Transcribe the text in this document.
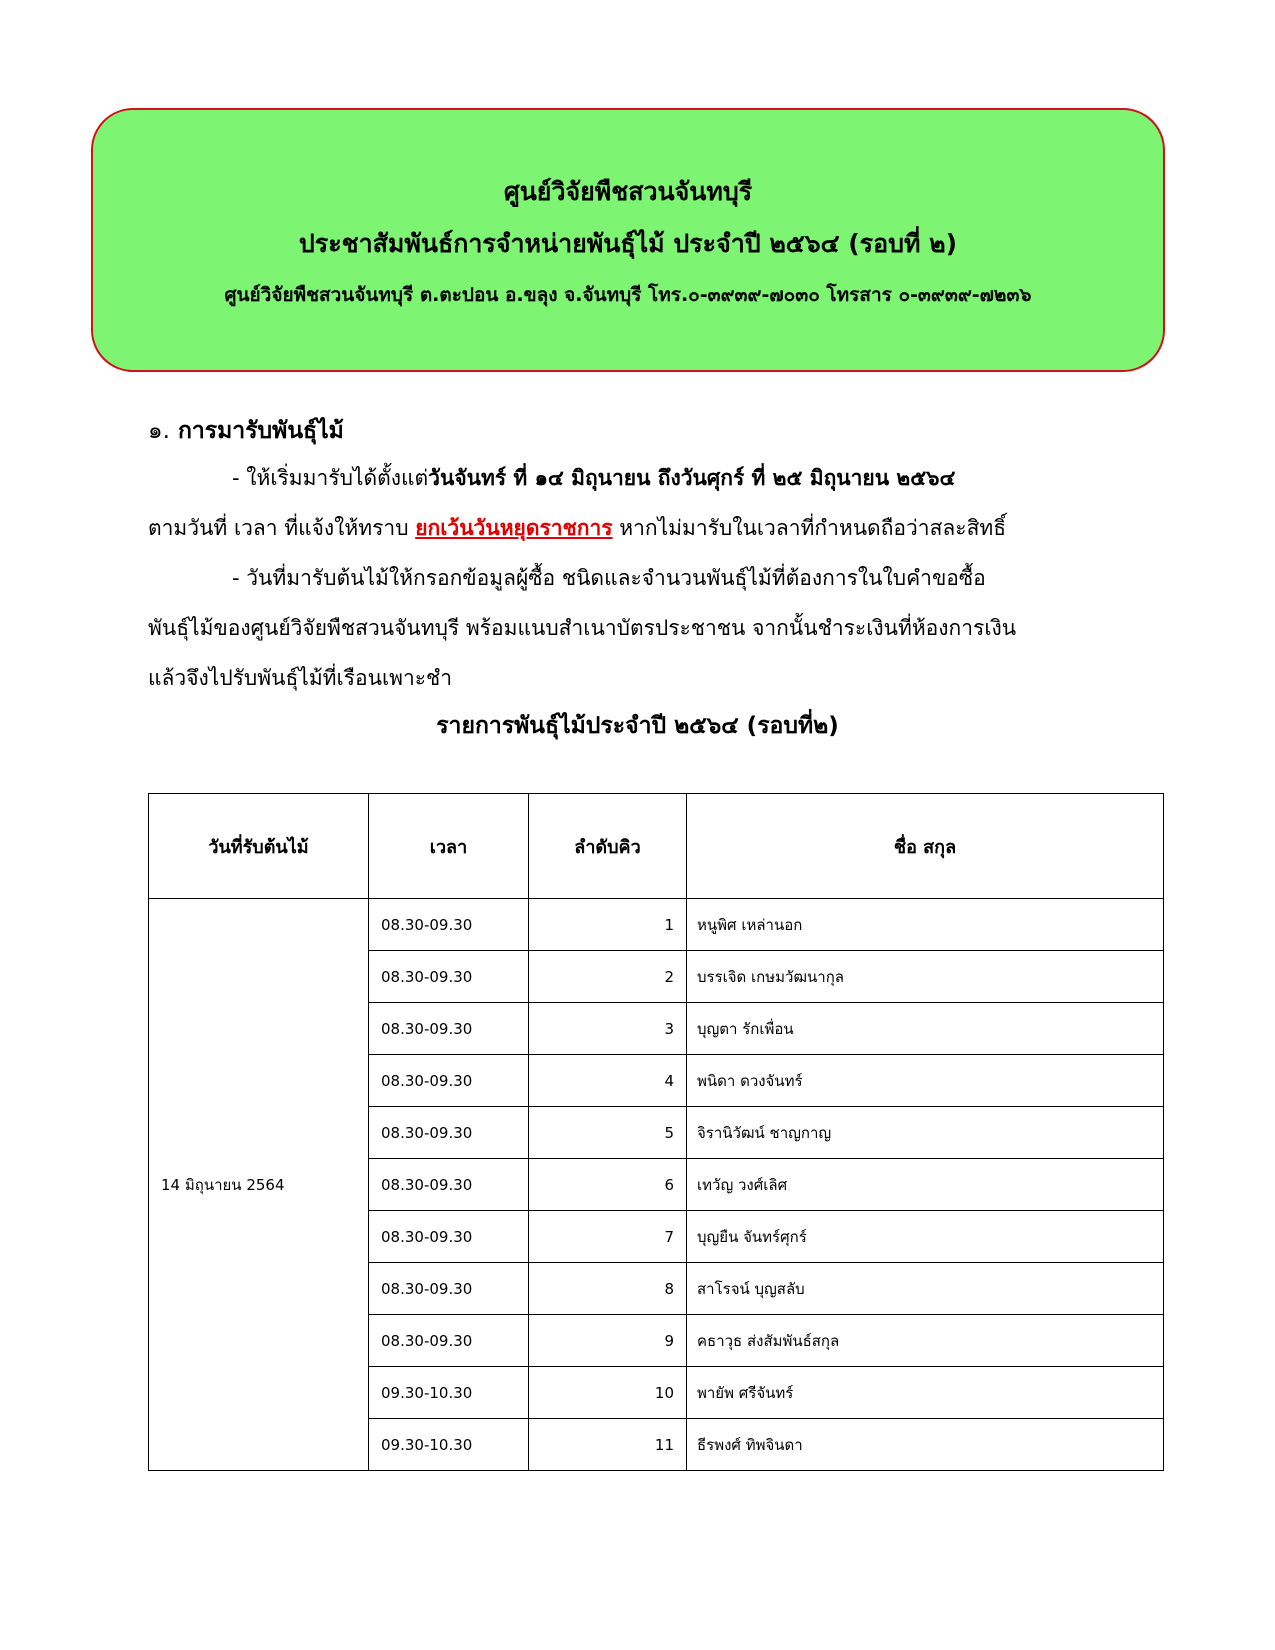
ศูนย์วิจัยพืชสวนจันทบุรี
ประชาสัมพันธ์การจำหน่ายพันธุ์ไม้ ประจำปี ๒๕๖๔ (รอบที่ ๒)
ศูนย์วิจัยพืชสวนจันทบุรี ต.ตะปอน อ.ขลุง จ.จันทบุรี โทร.๐-๓๙๓๙-๗๐๓๐ โทรสาร ๐-๓๙๓๙-๗๒๓๖
๑. การมารับพันธุ์ไม้
- ให้เริ่มมารับได้ตั้งแต่วันจันทร์ ที่ ๑๔ มิถุนายน ถึงวันศุกร์ ที่ ๒๕ มิถุนายน ๒๕๖๔
ตามวันที่ เวลา ที่แจ้งให้ทราบ ยกเว้นวันหยุดราชการ หากไม่มารับในเวลาที่กำหนดถือว่าสละสิทธิ์
- วันที่มารับต้นไม้ให้กรอกข้อมูลผู้ซื้อ ชนิดและจำนวนพันธุ์ไม้ที่ต้องการในใบคำขอซื้อ
พันธุ์ไม้ของศูนย์วิจัยพืชสวนจันทบุรี พร้อมแนบสำเนาบัตรประชาชน จากนั้นชำระเงินที่ห้องการเงิน
แล้วจึงไปรับพันธุ์ไม้ที่เรือนเพาะชำ
รายการพันธุ์ไม้ประจำปี ๒๕๖๔ (รอบที่๒)
วันที่รับต้นไม้	เวลา	ลำดับคิว	ชื่อ สกุล
14 มิถุนายน 2564	08.30-09.30	1	หนูพิศ เหล่านอก
	08.30-09.30	2	บรรเจิด เกษมวัฒนากุล
	08.30-09.30	3	บุญตา รักเพื่อน
	08.30-09.30	4	พนิดา ดวงจันทร์
	08.30-09.30	5	จิรานิวัฒน์ ชาญกาญ
	08.30-09.30	6	เทวัญ วงศ์เลิศ
	08.30-09.30	7	บุญยืน จันทร์ศุกร์
	08.30-09.30	8	สาโรจน์ บุญสลับ
	08.30-09.30	9	คธาวุธ ส่งสัมพันธ์สกุล
	09.30-10.30	10	พายัพ ศรีจันทร์
	09.30-10.30	11	ธีรพงศ์ ทิพจินดา
